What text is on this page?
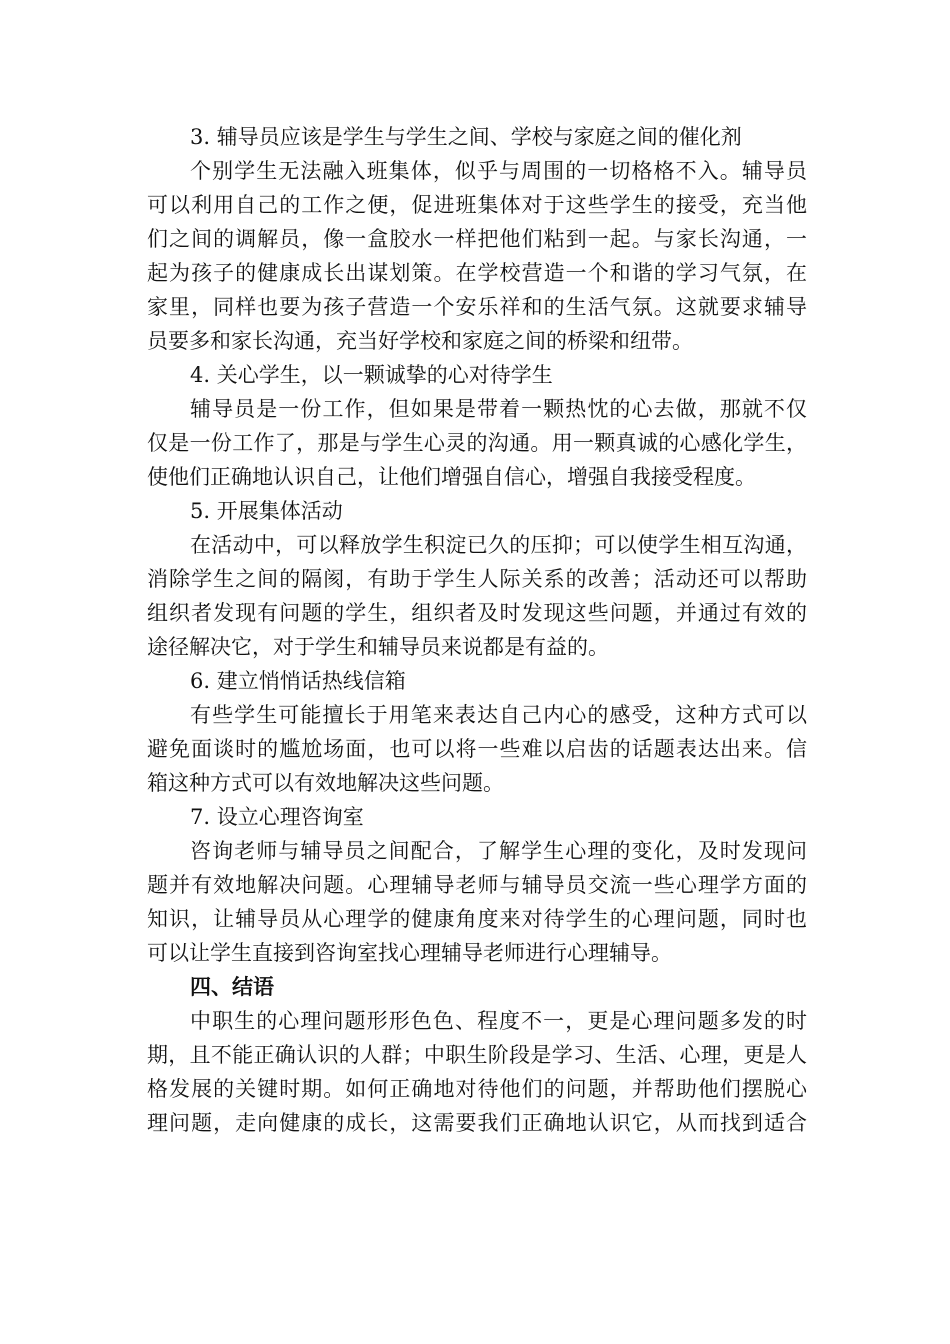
3. 辅导员应该是学生与学生之间、学校与家庭之间的催化剂
个别学生无法融入班集体，似乎与周围的一切格格不入。辅导员
可以利用自己的工作之便，促进班集体对于这些学生的接受，充当他
们之间的调解员，像一盒胶水一样把他们粘到一起。与家长沟通，一
起为孩子的健康成长出谋划策。在学校营造一个和谐的学习气氛，在
家里，同样也要为孩子营造一个安乐祥和的生活气氛。这就要求辅导
员要多和家长沟通，充当好学校和家庭之间的桥梁和纽带。
4. 关心学生，以一颗诚挚的心对待学生
辅导员是一份工作，但如果是带着一颗热忱的心去做，那就不仅
仅是一份工作了，那是与学生心灵的沟通。用一颗真诚的心感化学生，
使他们正确地认识自己，让他们增强自信心，增强自我接受程度。
5. 开展集体活动
在活动中，可以释放学生积淀已久的压抑；可以使学生相互沟通，
消除学生之间的隔阂，有助于学生人际关系的改善；活动还可以帮助
组织者发现有问题的学生，组织者及时发现这些问题，并通过有效的
途径解决它，对于学生和辅导员来说都是有益的。
6. 建立悄悄话热线信箱
有些学生可能擅长于用笔来表达自己内心的感受，这种方式可以
避免面谈时的尴尬场面，也可以将一些难以启齿的话题表达出来。信
箱这种方式可以有效地解决这些问题。
7. 设立心理咨询室
咨询老师与辅导员之间配合，了解学生心理的变化，及时发现问
题并有效地解决问题。心理辅导老师与辅导员交流一些心理学方面的
知识，让辅导员从心理学的健康角度来对待学生的心理问题，同时也
可以让学生直接到咨询室找心理辅导老师进行心理辅导。
四、结语
中职生的心理问题形形色色、程度不一，更是心理问题多发的时
期，且不能正确认识的人群；中职生阶段是学习、生活、心理，更是人
格发展的关键时期。如何正确地对待他们的问题，并帮助他们摆脱心
理问题，走向健康的成长，这需要我们正确地认识它，从而找到适合
